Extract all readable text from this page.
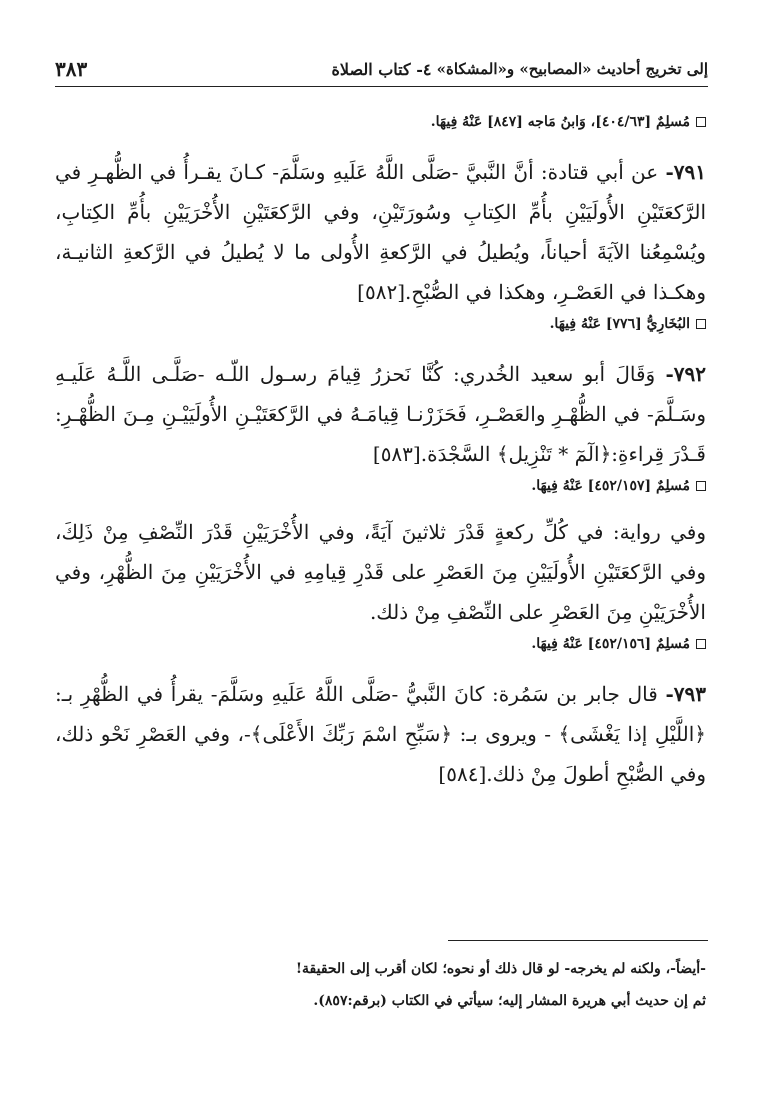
إلى تخريج أحاديث «المصابيح» و«المشكاة»
٤- كتاب الصلاة
٣٨٣

مُسلِمٌ [٤٠٤/٦٣]، وَابنُ مَاجه [٨٤٧] عَنْهُ فِيهَا.

٧٩١- عن أبي قتادة: أنَّ النَّبيَّ -صَلَّى اللَّهُ عَلَيهِ وسَلَّمَ- كـانَ يقـرأُ في الظُّهـرِ في الرَّكعَتَيْنِ الأُولَيَيْنِ بأُمِّ الكِتابِ وسُورَتَيْنِ، وفي الرَّكعَتَيْنِ الأُخْرَيَيْنِ بأُمِّ الكِتابِ، ويُسْمِعُنا الآيَةَ أحياناً، ويُطيلُ في الرَّكعةِ الأُولى ما لا يُطيلُ في الرَّكعةِ الثانيـة، وهكـذا في العَصْـرِ، وهكذا في الصُّبْحِ.[٥٨٢]

البُخَارِيُّ [٧٧٦] عَنْهُ فِيهَا.

٧٩٢- وَقَالَ أبو سعيد الخُدري: كُنَّا نَحزرُ قِيامَ رسـول اللّـه -صَلَّـى اللَّـهُ عَلَيـهِ وسَـلَّمَ- في الظُّهْـرِ والعَصْـرِ، فَحَزَرْنـا قِيامَـهُ في الرَّكعَتَيْـنِ الأُولَيَيْـنِ مِـنَ الظُّهْـرِ: قَـدْرَ قِراءةِ:﴿الٓمٓ * تَنْزِيل﴾ السَّجْدَة.[٥٨٣]

مُسلِمٌ [٤٥٢/١٥٧] عَنْهُ فِيهَا.

وفي رواية: في كُلِّ ركعةٍ قَدْرَ ثلاثينَ آيَةً، وفي الأُخْرَيَيْنِ قَدْرَ النِّصْفِ مِنْ ذَلِكَ، وفي الرَّكعَتَيْنِ الأُولَيَيْنِ مِنَ العَصْرِ على قَدْرِ قِيامِهِ في الأُخْرَيَيْنِ مِنَ الظُّهْرِ، وفي الأُخْرَيَيْنِ مِنَ العَصْرِ على النِّصْفِ مِنْ ذلك.

مُسلِمٌ [٤٥٢/١٥٦] عَنْهُ فِيهَا.

٧٩٣- قال جابر بن سَمُرة: كانَ النَّبيُّ -صَلَّى اللَّهُ عَلَيهِ وسَلَّمَ- يقرأُ في الظُّهْرِ بـ: ﴿اللَّيْلِ إذا يَغْشَى﴾ - ويروى بـ: ﴿سَبِّحِ اسْمَ رَبِّكَ الأَعْلَى﴾-، وفي العَصْرِ نَحْو ذلك، وفي الصُّبْحِ أطولَ مِنْ ذلك.[٥٨٤]

-أيضاً-، ولكنه لم يخرجه- لو قال ذلك أو نحوه؛ لكان أقرب إلى الحقيقة!

ثم إن حديث أبي هريرة المشار إليه؛ سيأتي في الكتاب (برقم:٨٥٧).
